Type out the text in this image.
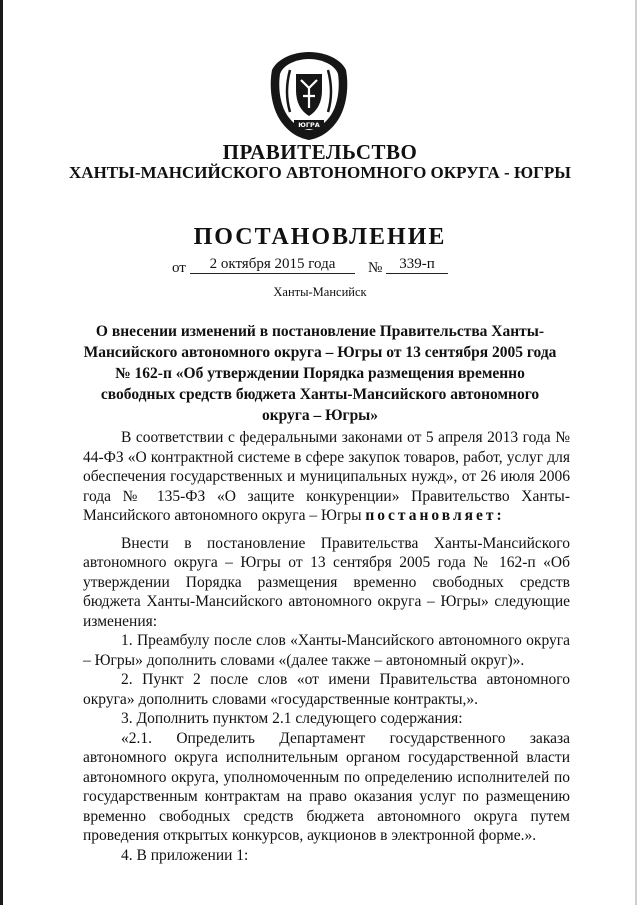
ЮГРА
ПРАВИТЕЛЬСТВО
ХАНТЫ-МАНСИЙСКОГО АВТОНОМНОГО ОКРУГА - ЮГРЫ
ПОСТАНОВЛЕНИЕ
от	2 октября 2015 года	№	339-п
Ханты-Мансийск
О внесении изменений в постановление Правительства Ханты-Мансийского автономного округа – Югры от 13 сентября 2005 года № 162-п «Об утверждении Порядка размещения временно свободных средств бюджета Ханты-Мансийского автономного округа – Югры»

В соответствии с федеральными законами от 5 апреля 2013 года № 44-ФЗ «О контрактной системе в сфере закупок товаров, работ, услуг для обеспечения государственных и муниципальных нужд», от 26 июля 2006 года № 135-ФЗ «О защите конкуренции» Правительство Ханты-Мансийского автономного округа – Югры постановляет:

Внести в постановление Правительства Ханты-Мансийского автономного округа – Югры от 13 сентября 2005 года № 162-п «Об утверждении Порядка размещения временно свободных средств бюджета Ханты-Мансийского автономного округа – Югры» следующие изменения:

1. Преамбулу после слов «Ханты-Мансийского автономного округа – Югры» дополнить словами «(далее также – автономный округ)».

2. Пункт 2 после слов «от имени Правительства автономного округа» дополнить словами «государственные контракты,».

3. Дополнить пунктом 2.1 следующего содержания:

«2.1. Определить Департамент государственного заказа автономного округа исполнительным органом государственной власти автономного округа, уполномоченным по определению исполнителей по государственным контрактам на право оказания услуг по размещению временно свободных средств бюджета автономного округа путем проведения открытых конкурсов, аукционов в электронной форме.».

4. В приложении 1:
